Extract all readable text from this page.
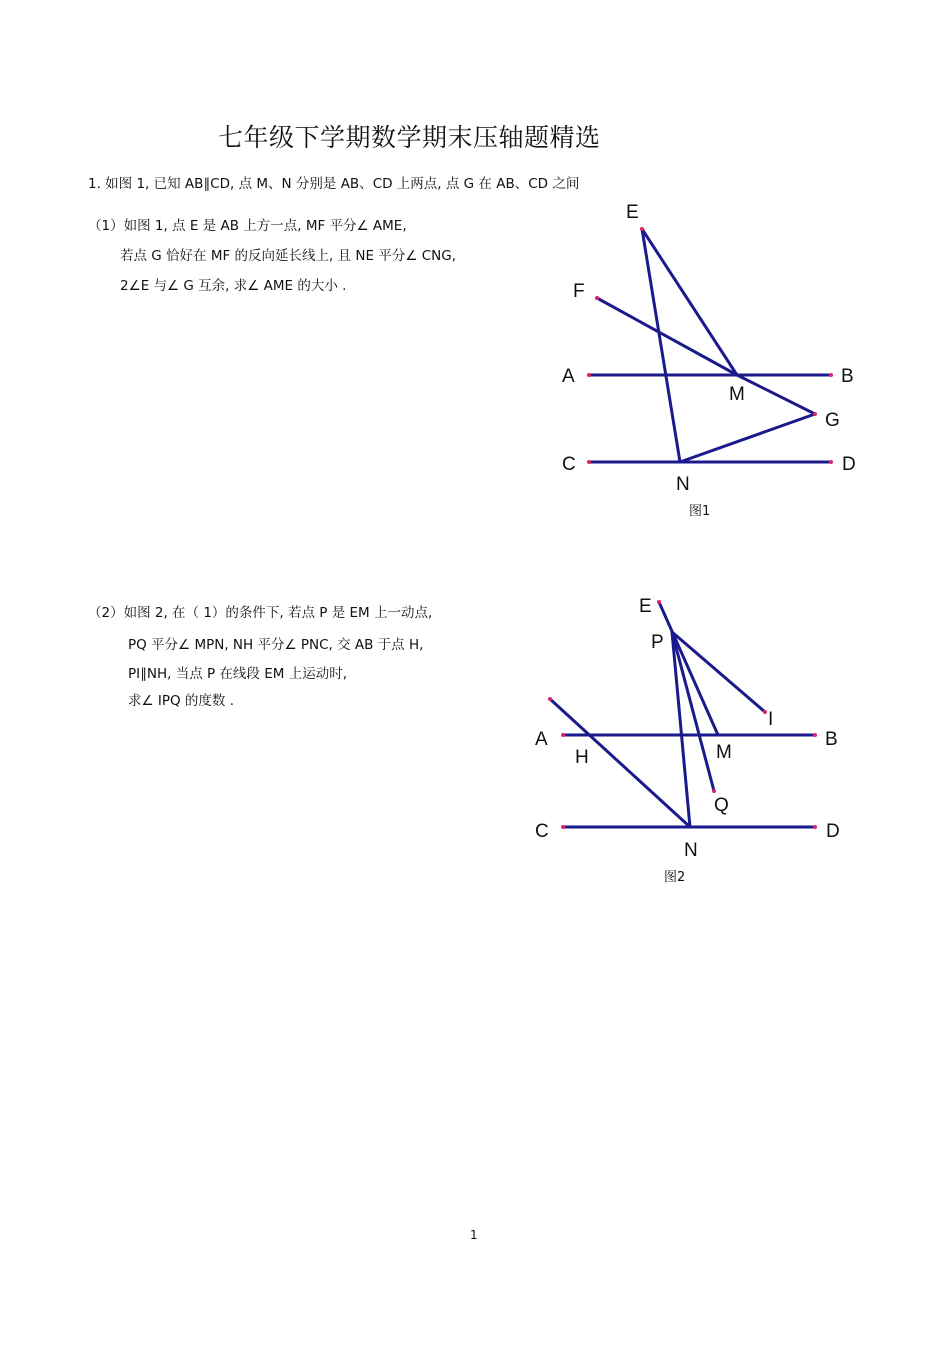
七年级下学期数学期末压轴题精选
1. 如图 1, 已知 AB∥CD, 点 M、N 分别是 AB、CD 上两点, 点 G 在 AB、CD 之间
（1）如图 1, 点 E 是 AB 上方一点, MF 平分∠ AME,
若点 G 恰好在 MF 的反向延长线上, 且 NE 平分∠ CNG,
2∠E 与∠ G 互余, 求∠ AME 的大小 .
（2）如图 2, 在（ 1）的条件下, 若点 P 是 EM 上一动点,
PQ 平分∠ MPN, NH 平分∠ PNC, 交 AB 于点 H,
PI∥NH, 当点 P 在线段 EM 上运动时,
求∠ IPQ 的度数 .
E
F
A	B
M
G
C	D
N
图1
E
P
I
A
H	M
B
Q
C	D
N
图2
1
